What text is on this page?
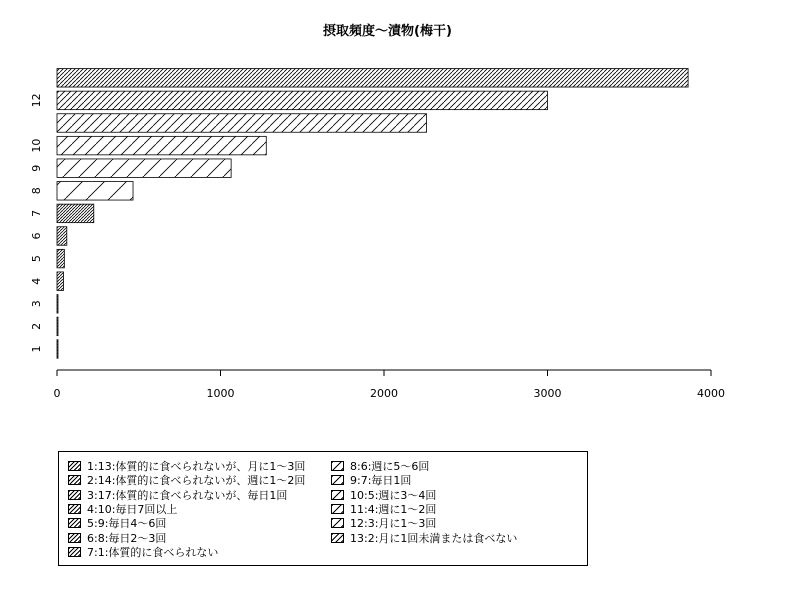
0	1000	2000	3000	4000
1
2
3
4
5
6
7
8
9
10
12
摂取頻度～漬物(梅干)
1:13:体質的に食べられないが、月に1～3回
2:14:体質的に食べられないが、週に1～2回
3:17:体質的に食べられないが、毎日1回
4:10:毎日7回以上
5:9:毎日4～6回
6:8:毎日2～3回
7:1:体質的に食べられない
8:6:週に5～6回
9:7:毎日1回
10:5:週に3～4回
11:4:週に1～2回
12:3:月に1～3回
13:2:月に1回未満または食べない
